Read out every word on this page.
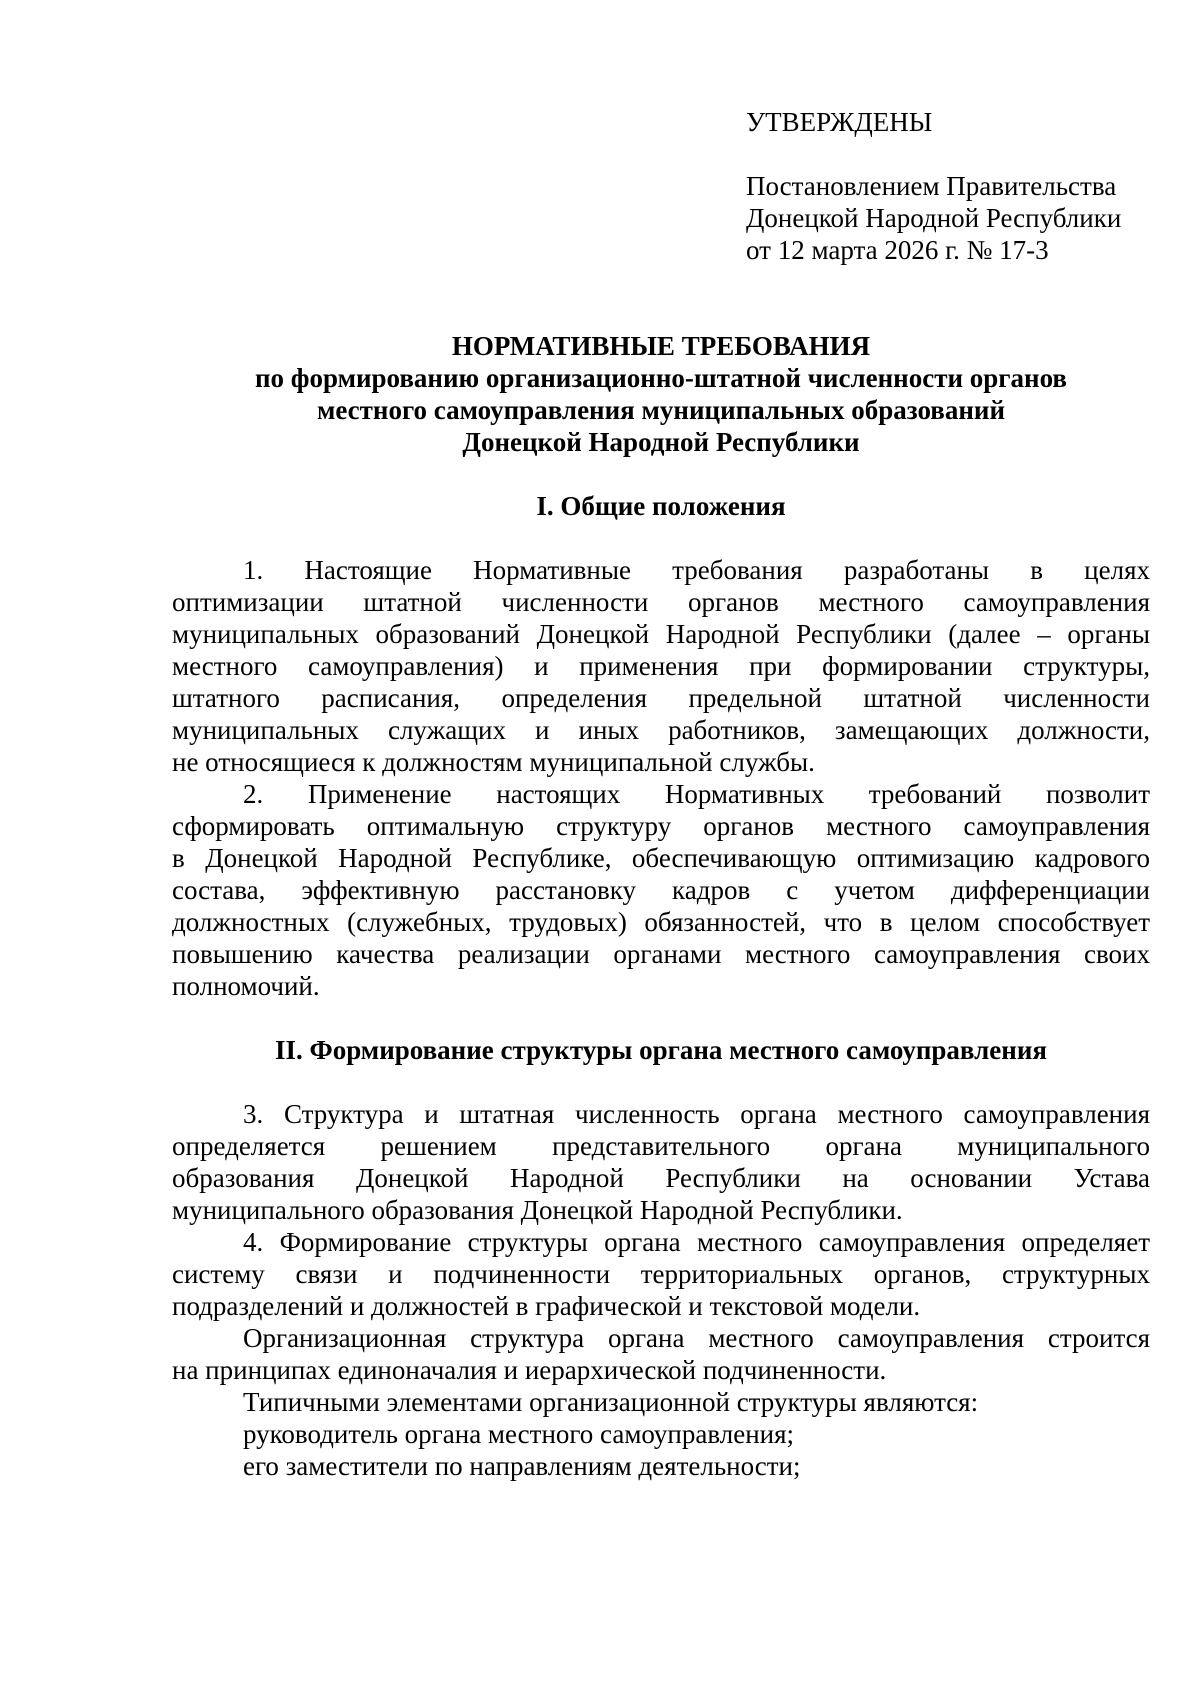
УТВЕРЖДЕНЫ
Постановлением Правительства
Донецкой Народной Республики
от 12 марта 2026 г. № 17-3
НОРМАТИВНЫЕ ТРЕБОВАНИЯ
по формированию организационно-штатной численности органов
местного самоуправления муниципальных образований
Донецкой Народной Республики
I. Общие положения
1. Настоящие Нормативные требования разработаны в целях
оптимизации штатной численности органов местного самоуправления
муниципальных образований Донецкой Народной Республики (далее – органы
местного самоуправления) и применения при формировании структуры,
штатного расписания, определения предельной штатной численности
муниципальных служащих и иных работников, замещающих должности,
не относящиеся к должностям муниципальной службы.
2. Применение настоящих Нормативных требований позволит
сформировать оптимальную структуру органов местного самоуправления
в Донецкой Народной Республике, обеспечивающую оптимизацию кадрового
состава, эффективную расстановку кадров с учетом дифференциации
должностных (служебных, трудовых) обязанностей, что в целом способствует
повышению качества реализации органами местного самоуправления своих
полномочий.
II. Формирование структуры органа местного самоуправления
3. Структура и штатная численность органа местного самоуправления
определяется решением представительного органа муниципального
образования Донецкой Народной Республики на основании Устава
муниципального образования Донецкой Народной Республики.
4. Формирование структуры органа местного самоуправления определяет
систему связи и подчиненности территориальных органов, структурных
подразделений и должностей в графической и текстовой модели.
Организационная структура органа местного самоуправления строится
на принципах единоначалия и иерархической подчиненности.
Типичными элементами организационной структуры являются:
руководитель органа местного самоуправления;
его заместители по направлениям деятельности;
